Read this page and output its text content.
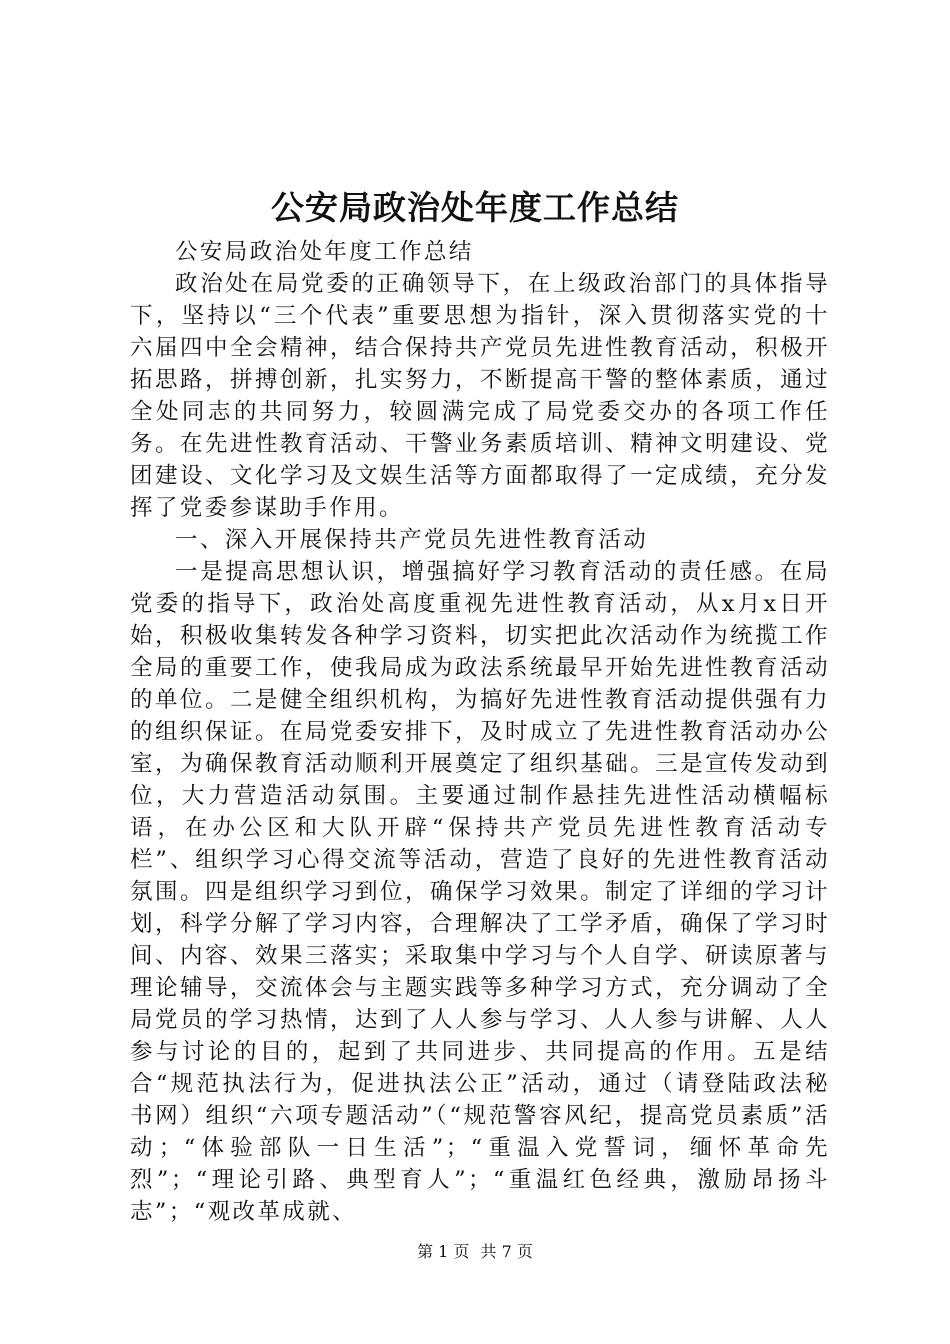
公安局政治处年度工作总结

公安局政治处年度工作总结

政治处在局党委的正确领导下，在上级政治部门的具体指导下，坚持以“三个代表”重要思想为指针，深入贯彻落实党的十六届四中全会精神，结合保持共产党员先进性教育活动，积极开拓思路，拼搏创新，扎实努力，不断提高干警的整体素质，通过全处同志的共同努力，较圆满完成了局党委交办的各项工作任务。在先进性教育活动、干警业务素质培训、精神文明建设、党团建设、文化学习及文娱生活等方面都取得了一定成绩，充分发挥了党委参谋助手作用。

一、深入开展保持共产党员先进性教育活动

一是提高思想认识，增强搞好学习教育活动的责任感。在局党委的指导下，政治处高度重视先进性教育活动，从x月x日开始，积极收集转发各种学习资料，切实把此次活动作为统揽工作全局的重要工作，使我局成为政法系统最早开始先进性教育活动的单位。二是健全组织机构，为搞好先进性教育活动提供强有力的组织保证。在局党委安排下，及时成立了先进性教育活动办公室，为确保教育活动顺利开展奠定了组织基础。三是宣传发动到位，大力营造活动氛围。主要通过制作悬挂先进性活动横幅标语，在办公区和大队开辟“保持共产党员先进性教育活动专栏”、组织学习心得交流等活动，营造了良好的先进性教育活动氛围。四是组织学习到位，确保学习效果。制定了详细的学习计划，科学分解了学习内容，合理解决了工学矛盾，确保了学习时间、内容、效果三落实；采取集中学习与个人自学、研读原著与理论辅导，交流体会与主题实践等多种学习方式，充分调动了全局党员的学习热情，达到了人人参与学习、人人参与讲解、人人参与讨论的目的，起到了共同进步、共同提高的作用。五是结合“规范执法行为，促进执法公正”活动，通过（请登陆政法秘书网）组织“六项专题活动”（“规范警容风纪，提高党员素质”活动；“体验部队一日生活”；“重温入党誓词，缅怀革命先烈”；“理论引路、典型育人”；“重温红色经典，激励昂扬斗志”；“观改革成就、

第 1 页 共 7 页
